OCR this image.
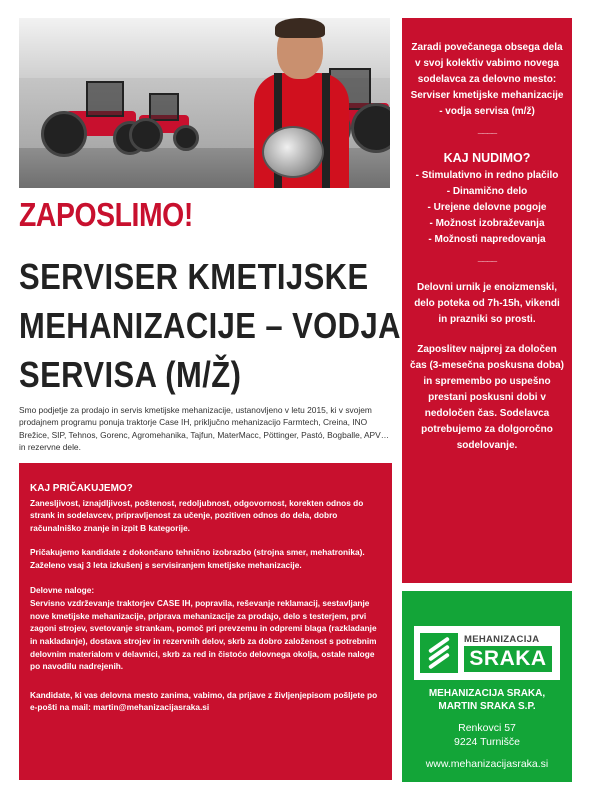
ZAPOSLIMO!
SERVISER KMETIJSKE
MEHANIZACIJE – VODJA
SERVISA (M/Ž)

Smo podjetje za prodajo in servis kmetijske mehanizacije, ustanovljeno v letu 2015, ki v svojem prodajnem programu ponuja traktorje Case IH, priključno mehanizacijo Farmtech, Creina, INO Brežice, SIP, Tehnos, Gorenc, Agromehanika, Tajfun, MaterMacc, Pöttinger, Pastó, Bogballe, APV… in rezervne dele.

KAJ PRIČAKUJEMO?

Zanesljivost, iznajdljivost, poštenost, redoljubnost, odgovornost, korekten odnos do strank in sodelavcev, pripravljenost za učenje, pozitiven odnos do dela, dobro računalniško znanje in izpit B kategorije.

Pričakujemo kandidate z dokončano tehnično izobrazbo (strojna smer, mehatronika). Zaželeno vsaj 3 leta izkušenj s servisiranjem kmetijske mehanizacije.

Delovne naloge:

Servisno vzdrževanje traktorjev CASE IH, popravila, reševanje reklamacij, sestavljanje nove kmetijske mehanizacije, priprava mehanizacije za prodajo, delo s testerjem, prvi zagoni strojev, svetovanje strankam, pomoč pri prevzemu in odpremi blaga (razkladanje in nakladanje), dostava strojev in rezervnih delov, skrb za dobro založenost s potrebnim delovnim materialom v delavnici, skrb za red in čistoćo delovnega okolja, ostale naloge po navodilu nadrejenih.

Kandidate, ki vas delovna mesto zanima, vabimo, da prijave z življenjepisom pošljete po e-pošti na mail: martin@mehanizacijasraka.si

Zaradi povečanega obsega dela v svoj kolektiv vabimo novega sodelavca za delovno mesto: Serviser kmetijske mehanizacije - vodja servisa (m/ž)

____

KAJ NUDIMO?

- Stimulativno in redno plačilo

- Dinamično delo

- Urejene delovne pogoje

- Možnost izobraževanja

- Možnosti napredovanja

____

Delovni urnik je enoizmenski, delo poteka od 7h-15h, vikendi in prazniki so prosti.

Zaposlitev najprej za določen čas (3-mesečna poskusna doba) in spremembo po uspešno prestani poskusni dobi v nedoločen čas. Sodelavca potrebujemo za dolgoročno sodelovanje.

MEHANIZACIJA
SRAKA

MEHANIZACIJA SRAKA,
MARTIN SRAKA S.P.

Renkovci 57
9224 Turnišče

www.mehanizacijasraka.si
